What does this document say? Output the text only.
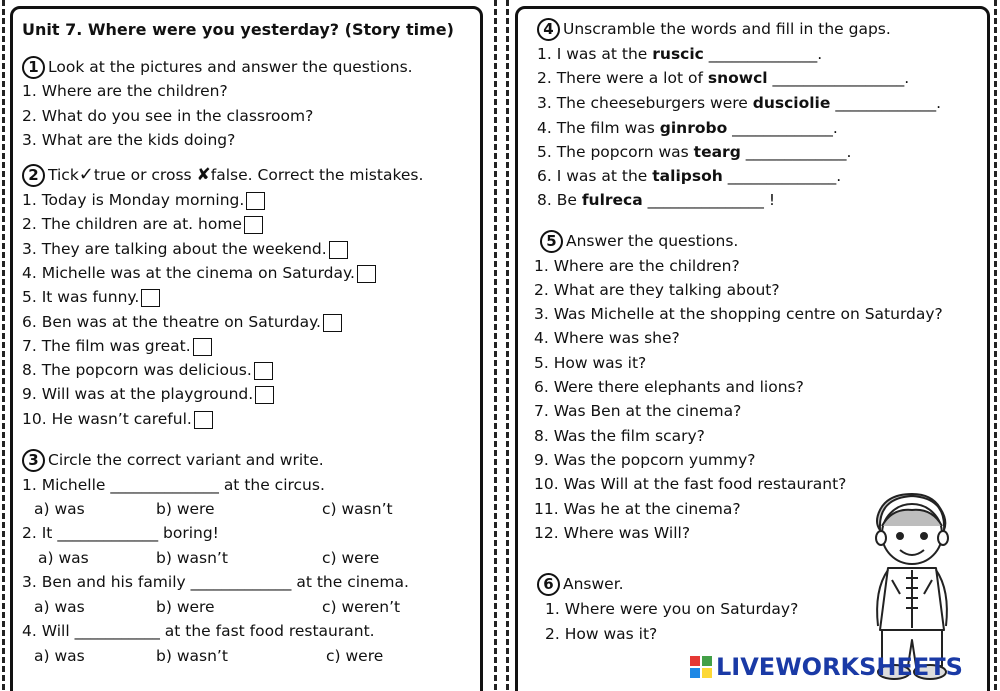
Unit 7. Where were you yesterday? (Story time)
1 Look at the pictures and answer the questions.
1. Where are the children?
2. What do you see in the classroom?
3. What are the kids doing?
2 Tick✓true or cross ✘false. Correct the mistakes.
1. Today is Monday morning.
2. The children are at. home
3. They are talking about the weekend.
4. Michelle was at the cinema on Saturday.
5. It was funny.
6. Ben was at the theatre on Saturday.
7. The film was great.
8. The popcorn was delicious.
9. Will was at the playground.
10. He wasn’t careful.
3 Circle the correct variant and write.
1. Michelle ______________ at the circus.
a) was	b) were	c) wasn’t
2. It _____________ boring!
a) was	b) wasn’t	c) were
3. Ben and his family _____________ at the cinema.
a) was	b) were	c) weren’t
4. Will ___________ at the fast food restaurant.
a) was	b) wasn’t	c) were
4 Unscramble the words and fill in the gaps.
1. I was at the ruscic ______________.
2. There were a lot of snowcl _________________.
3. The cheeseburgers were dusciolie _____________.
4. The film was ginrobo _____________.
5. The popcorn was tearg _____________.
6. I was at the talipsoh ______________.
8. Be fulreca _______________ !
5 Answer the questions.
1. Where are the children?
2. What are they talking about?
3. Was Michelle at the shopping centre on Saturday?
4. Where was she?
5. How was it?
6. Were there elephants and lions?
7. Was Ben at the cinema?
8. Was the film scary?
9. Was the popcorn yummy?
10. Was Will at the fast food restaurant?
11. Was he at the cinema?
12. Where was Will?
6 Answer.
1. Where were you on Saturday?
2. How was it?
LIVEWORKSHEETS
